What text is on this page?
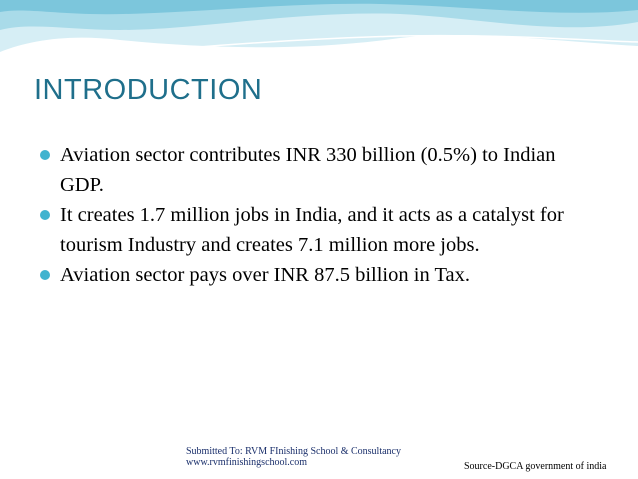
INTRODUCTION
Aviation sector contributes INR 330 billion (0.5%) to Indian GDP.
It creates 1.7 million jobs in India, and it acts as a catalyst for tourism Industry and creates 7.1 million more jobs.
Aviation sector pays over INR 87.5 billion in Tax.
Submitted To: RVM FInishing School & Consultancy www.rvmfinishingschool.com	Source-DGCA government of india
